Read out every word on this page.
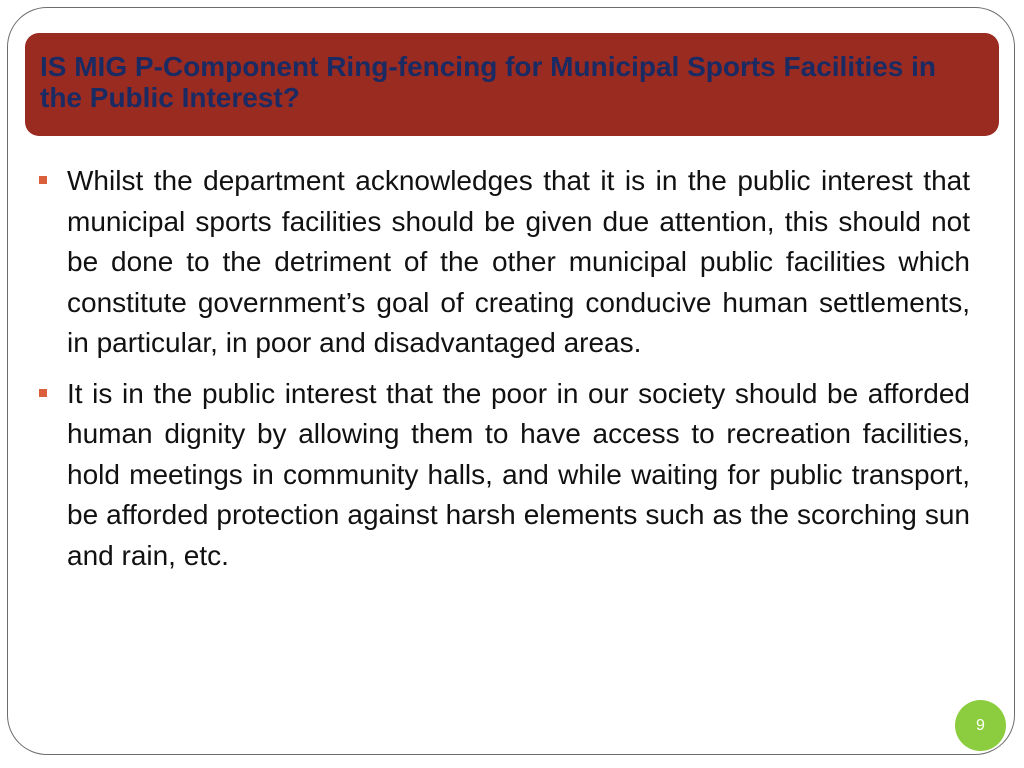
IS MIG P-Component Ring-fencing for Municipal Sports Facilities in the Public Interest?
Whilst the department acknowledges that it is in the public interest that municipal sports facilities should be given due attention, this should not be done to the detriment of the other municipal public facilities which constitute government’s goal of creating conducive human settlements, in particular, in poor and disadvantaged areas.
It is in the public interest that the poor in our society should be afforded human dignity by allowing them to have access to recreation facilities, hold meetings in community halls, and while waiting for public transport, be afforded protection against harsh elements such as the scorching sun and rain, etc.
9
